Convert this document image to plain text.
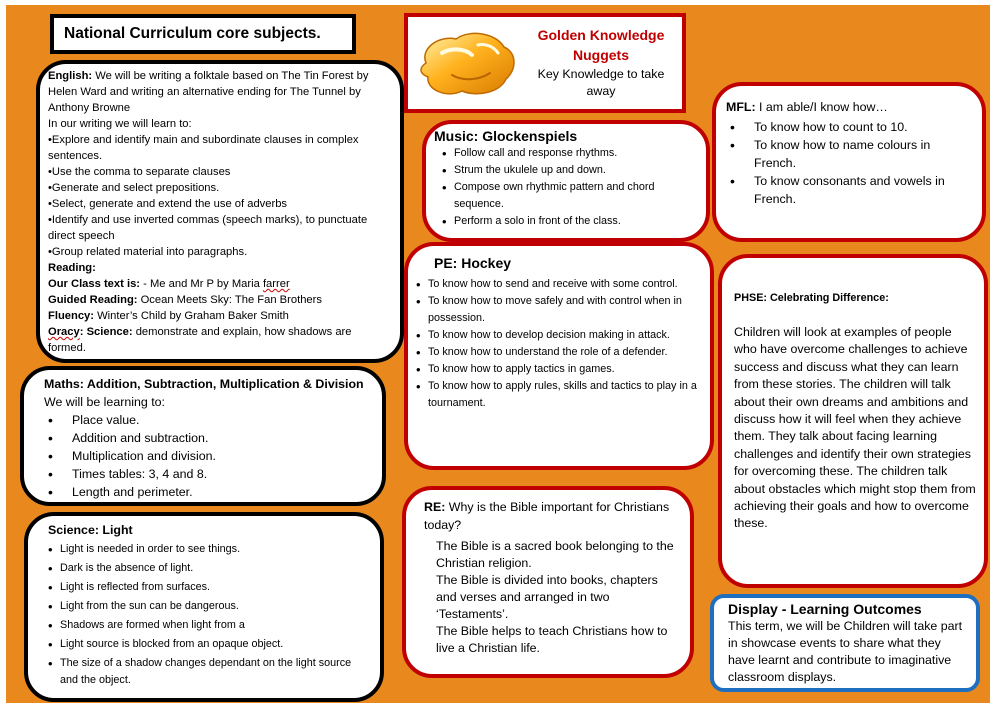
National Curriculum core subjects.	Golden Knowledge
Nuggets
Key Knowledge to take away

English: We will be writing a folktale based on The Tin Forest by Helen Ward and writing an alternative ending for The Tunnel by Anthony Browne

In our writing we will learn to:

•Explore and identify main and subordinate clauses in complex sentences.

•Use the comma to separate clauses

•Generate and select prepositions.

•Select, generate and extend the use of adverbs

•Identify and use inverted commas (speech marks), to punctuate direct speech

•Group related material into paragraphs.

Reading:

Our Class text is: - Me and Mr P by Maria farrer

Guided Reading: Ocean Meets Sky: The Fan Brothers

Fluency: Winter’s Child by Graham Baker Smith

Oracy: Science: demonstrate and explain, how shadows are formed.

Maths: Addition, Subtraction, Multiplication & Division

We will be learning to:

• Place value.
• Addition and subtraction.
• Multiplication and division.
• Times tables: 3, 4 and 8.
• Length and perimeter.

Science: Light

• Light is needed in order to see things.
• Dark is the absence of light.
• Light is reflected from surfaces.
• Light from the sun can be dangerous.
• Shadows are formed when light from a
• Light source is blocked from an opaque object.
• The size of a shadow changes dependant on the light source and the object.

Music: Glockenspiels

• Follow call and response rhythms.
• Strum the ukulele up and down.
• Compose own rhythmic pattern and chord sequence.
• Perform a solo in front of the class.

PE: Hockey

• To know how to send and receive with some control.
• To know how to move safely and with control when in possession.
• To know how to develop decision making in attack.
• To know how to understand the role of a defender.
• To know how to apply tactics in games.
• To know how to apply rules, skills and tactics to play in a tournament.

RE: Why is the Bible important for Christians today?

The Bible is a sacred book belonging to the Christian religion.
The Bible is divided into books, chapters and verses and arranged in two ‘Testaments’.
The Bible helps to teach Christians how to live a Christian life.

MFL: I am able/I know how…

• To know how to count to 10.
• To know how to name colours in French.
• To know consonants and vowels in French.

PHSE: Celebrating Difference:

Children will look at examples of people who have overcome challenges to achieve success and discuss what they can learn from these stories. The children will talk about their own dreams and ambitions and discuss how it will feel when they achieve them. They talk about facing learning challenges and identify their own strategies for overcoming these. The children talk about obstacles which might stop them from achieving their goals and how to overcome these.

Display - Learning Outcomes

This term, we will be Children will take part in showcase events to share what they have learnt and contribute to imaginative classroom displays.
